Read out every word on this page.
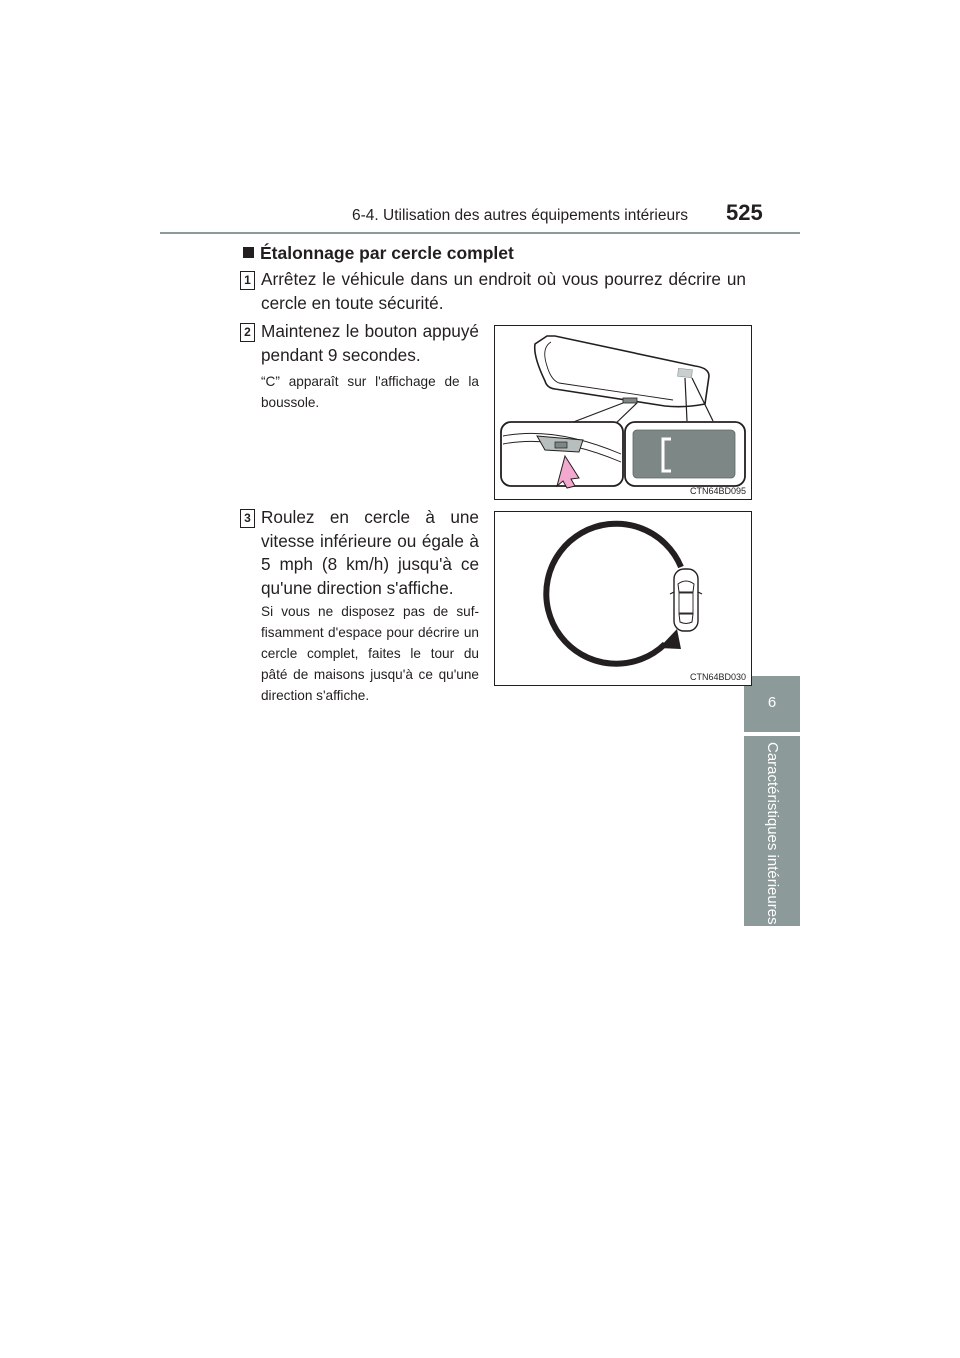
6-4. Utilisation des autres équipements intérieurs 525
6
Caractéristiques intérieures
Étalonnage par cercle complet
1 Arrêtez le véhicule dans un endroit où vous pourrez décrire un cercle en toute sécurité.
2 Maintenez le bouton appuyé pendant 9 secondes.
“C” apparaît sur l'affichage de la boussole.
CTN64BD095
3 Roulez en cercle à une vitesse inférieure ou égale à 5 mph (8 km/h) jusqu'à ce qu'une direction s'affiche.
Si vous ne disposez pas de suf-fisamment d'espace pour décrire un cercle complet, faites le tour du pâté de maisons jusqu'à ce qu'une direction s'affiche.
CTN64BD030
